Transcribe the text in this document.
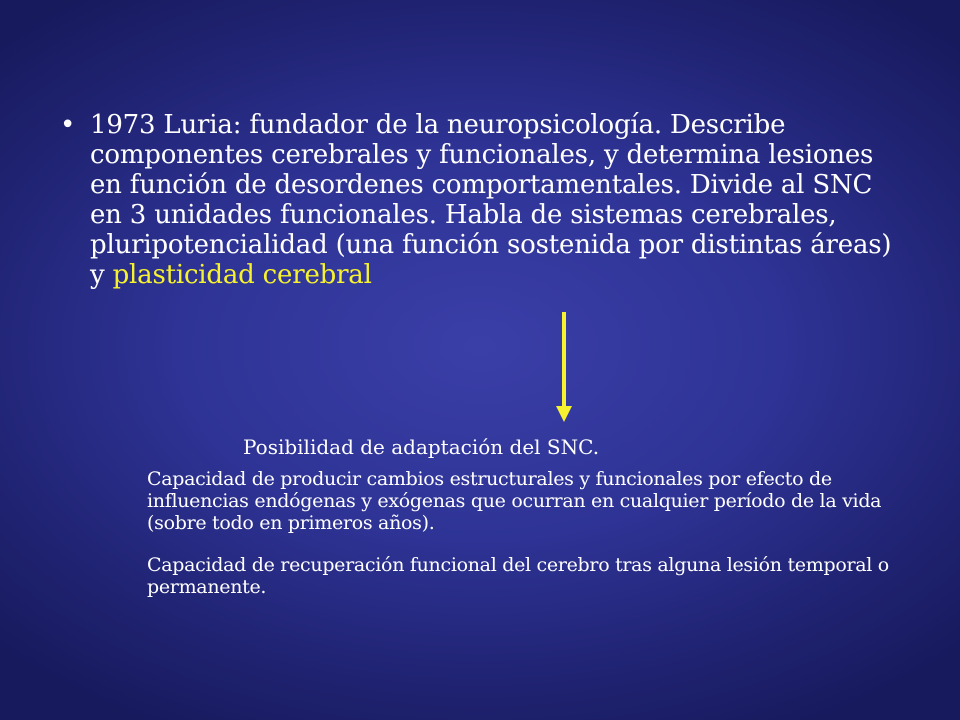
• 1973 Luria: fundador de la neuropsicología. Describe componentes cerebrales y funcionales, y determina lesiones en función de desordenes comportamentales. Divide al SNC en 3 unidades funcionales. Habla de sistemas cerebrales, pluripotencialidad (una función sostenida por distintas áreas) y plasticidad cerebral
Posibilidad de adaptación del SNC.
Capacidad de producir cambios estructurales y funcionales por efecto de influencias endógenas y exógenas que ocurran en cualquier período de la vida (sobre todo en primeros años).
Capacidad de recuperación funcional del cerebro tras alguna lesión temporal o permanente.
